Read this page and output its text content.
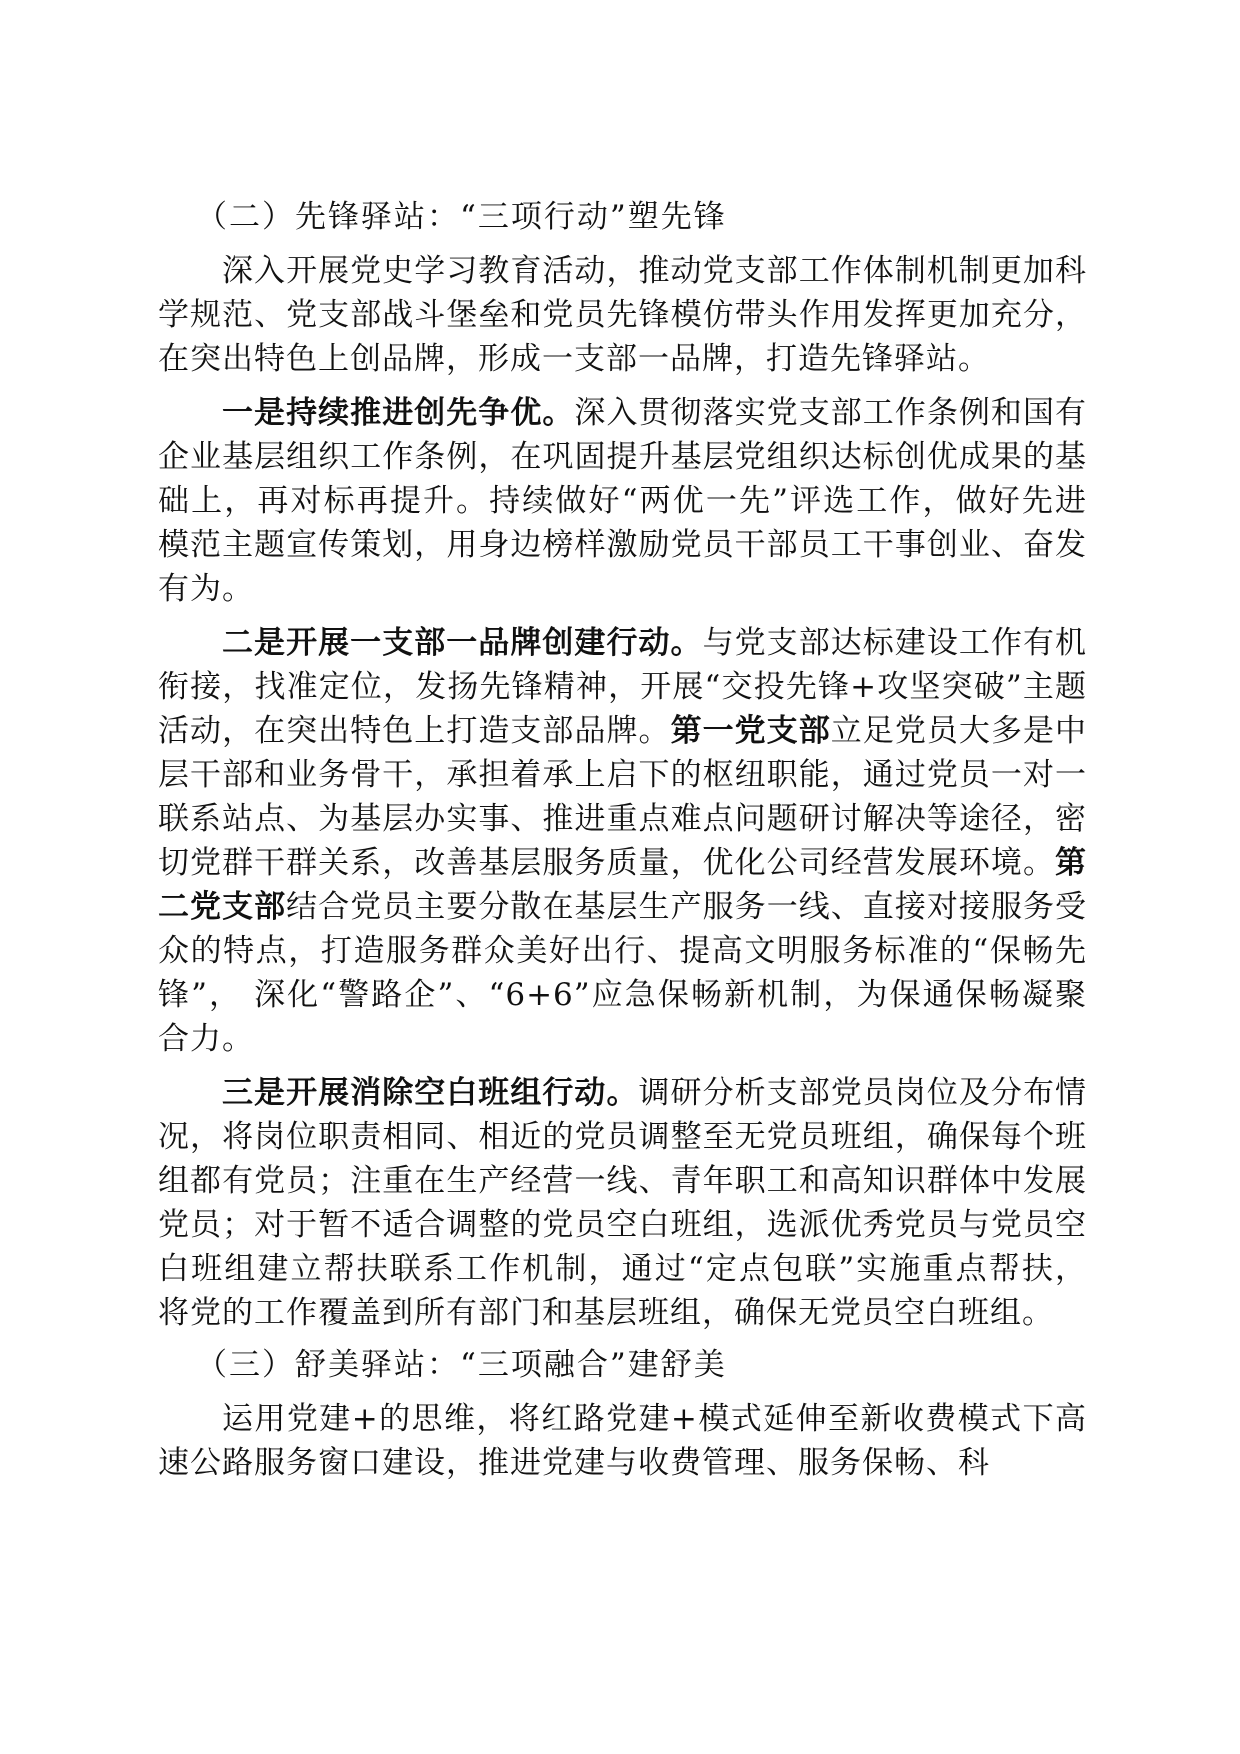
（二）先锋驿站：“三项行动”塑先锋

深入开展党史学习教育活动，推动党支部工作体制机制更加科学规范、党支部战斗堡垒和党员先锋模仿带头作用发挥更加充分，在突出特色上创品牌，形成一支部一品牌，打造先锋驿站。

一是持续推进创先争优。深入贯彻落实党支部工作条例和国有企业基层组织工作条例，在巩固提升基层党组织达标创优成果的基础上，再对标再提升。持续做好“两优一先”评选工作，做好先进模范主题宣传策划，用身边榜样激励党员干部员工干事创业、奋发有为。

二是开展一支部一品牌创建行动。与党支部达标建设工作有机衔接，找准定位，发扬先锋精神，开展“交投先锋+攻坚突破”主题活动，在突出特色上打造支部品牌。第一党支部立足党员大多是中层干部和业务骨干，承担着承上启下的枢纽职能，通过党员一对一联系站点、为基层办实事、推进重点难点问题研讨解决等途径，密切党群干群关系，改善基层服务质量，优化公司经营发展环境。第二党支部结合党员主要分散在基层生产服务一线、直接对接服务受众的特点，打造服务群众美好出行、提高文明服务标准的“保畅先锋”， 深化“警路企”、“6+6”应急保畅新机制，为保通保畅凝聚合力。

三是开展消除空白班组行动。调研分析支部党员岗位及分布情况，将岗位职责相同、相近的党员调整至无党员班组，确保每个班组都有党员；注重在生产经营一线、青年职工和高知识群体中发展党员；对于暂不适合调整的党员空白班组，选派优秀党员与党员空白班组建立帮扶联系工作机制，通过“定点包联”实施重点帮扶，将党的工作覆盖到所有部门和基层班组，确保无党员空白班组。

（三）舒美驿站：“三项融合”建舒美

运用党建+的思维，将红路党建+模式延伸至新收费模式下高速公路服务窗口建设，推进党建与收费管理、服务保畅、科
